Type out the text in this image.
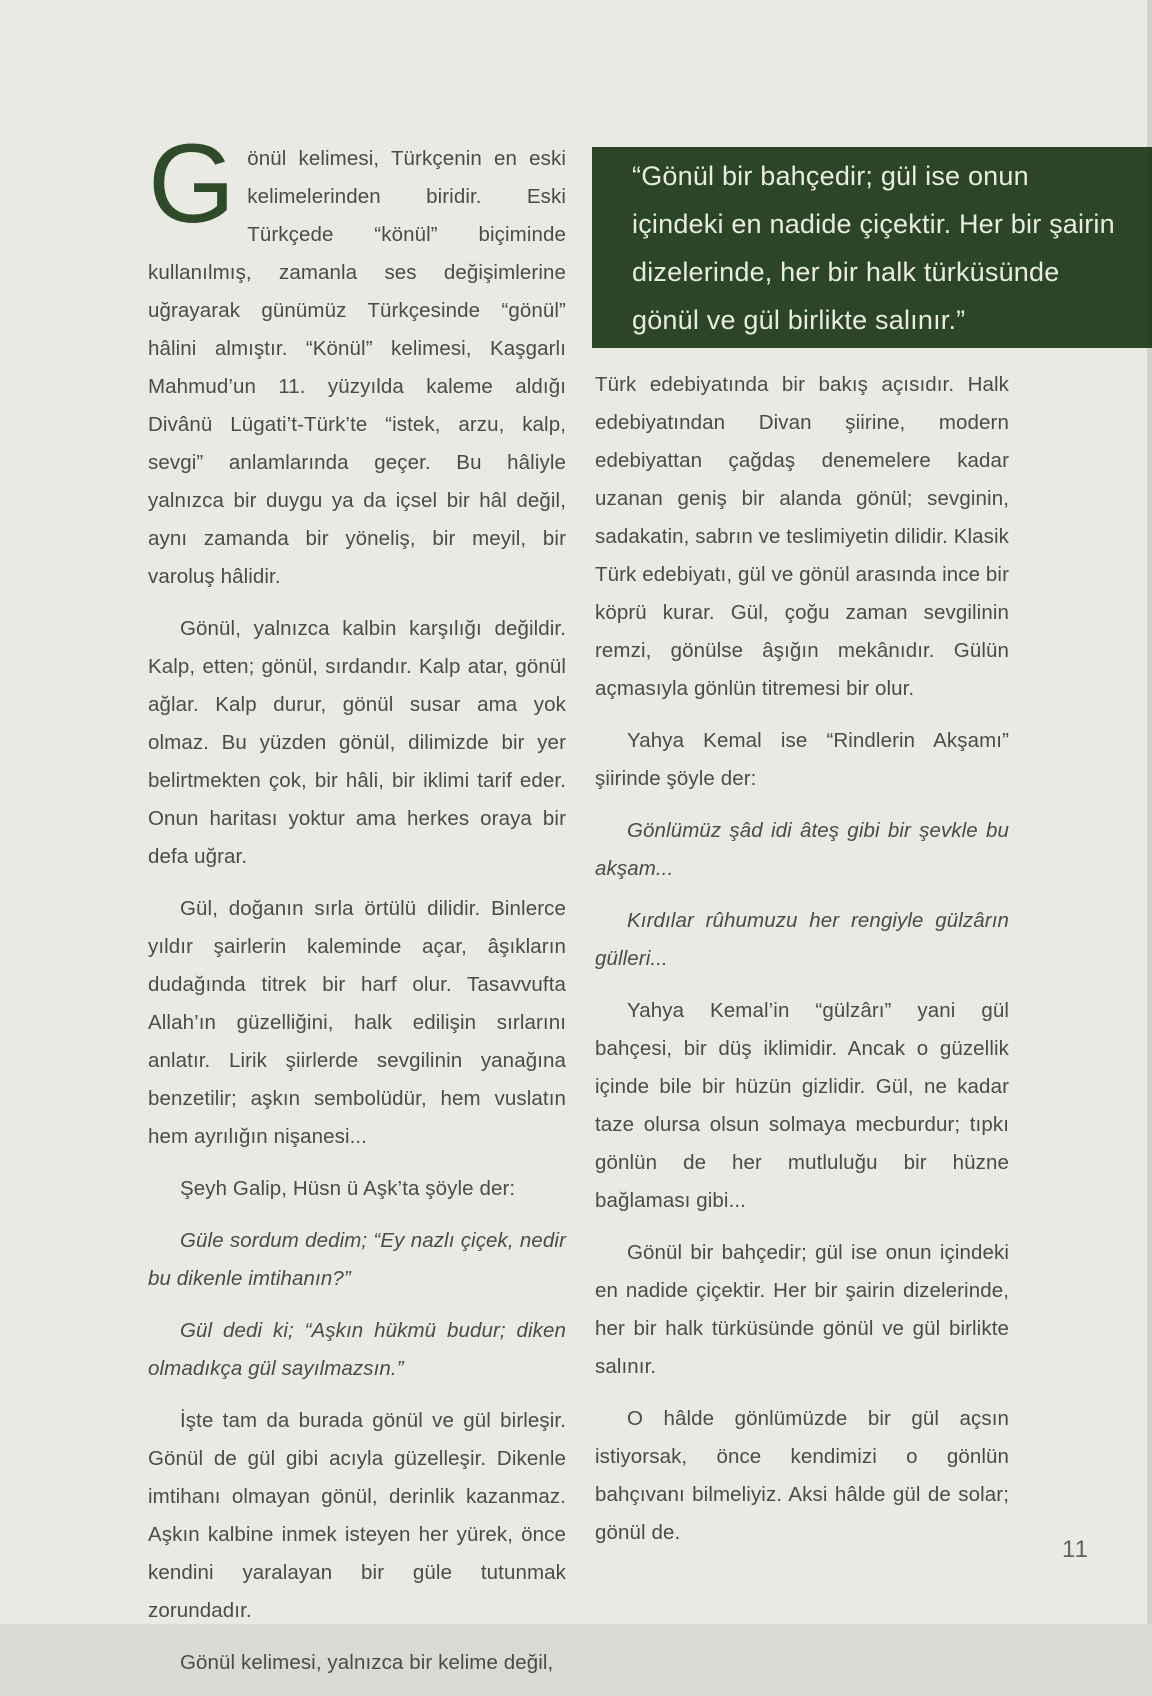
“Gönül bir bahçedir; gül ise onun içindeki en nadide çiçektir. Her bir şairin dizelerinde, her bir halk türküsünde gönül ve gül birlikte salınır.”

Gönül kelimesi, Türkçenin en eski kelimelerinden biridir. Eski Türkçede “könül” biçiminde kullanılmış, zamanla ses değişimlerine uğrayarak günümüz Türkçesinde “gönül” hâlini almıştır. “Könül” kelimesi, Kaşgarlı Mahmud’un 11. yüzyılda kaleme aldığı Divânü Lügati’t-Türk’te “istek, arzu, kalp, sevgi” anlamlarında geçer. Bu hâliyle yalnızca bir duygu ya da içsel bir hâl değil, aynı zamanda bir yöneliş, bir meyil, bir varoluş hâlidir.

Gönül, yalnızca kalbin karşılığı değildir. Kalp, etten; gönül, sırdandır. Kalp atar, gönül ağlar. Kalp durur, gönül susar ama yok olmaz. Bu yüzden gönül, dilimizde bir yer belirtmekten çok, bir hâli, bir iklimi tarif eder. Onun haritası yoktur ama herkes oraya bir defa uğrar.

Gül, doğanın sırla örtülü dilidir. Binlerce yıldır şairlerin kaleminde açar, âşıkların dudağında titrek bir harf olur. Tasavvufta Allah’ın güzelliğini, halk edilişin sırlarını anlatır. Lirik şiirlerde sevgilinin yanağına benzetilir; aşkın sembolüdür, hem vuslatın hem ayrılığın nişanesi...

Şeyh Galip, Hüsn ü Aşk’ta şöyle der:

Güle sordum dedim; “Ey nazlı çiçek, nedir bu dikenle imtihanın?”

Gül dedi ki; “Aşkın hükmü budur; diken olmadıkça gül sayılmazsın.”

İşte tam da burada gönül ve gül birleşir. Gönül de gül gibi acıyla güzelleşir. Dikenle imtihanı olmayan gönül, derinlik kazanmaz. Aşkın kalbine inmek isteyen her yürek, önce kendini yaralayan bir güle tutunmak zorundadır.

Gönül kelimesi, yalnızca bir kelime değil,

Türk edebiyatında bir bakış açısıdır. Halk edebiyatından Divan şiirine, modern edebiyattan çağdaş denemelere kadar uzanan geniş bir alanda gönül; sevginin, sadakatin, sabrın ve teslimiyetin dilidir. Klasik Türk edebiyatı, gül ve gönül arasında ince bir köprü kurar. Gül, çoğu zaman sevgilinin remzi, gönülse âşığın mekânıdır. Gülün açmasıyla gönlün titremesi bir olur.

Yahya Kemal ise “Rindlerin Akşamı” şiirinde şöyle der:

Gönlümüz şâd idi âteş gibi bir şevkle bu akşam...

Kırdılar rûhumuzu her rengiyle gülzârın gülleri...

Yahya Kemal’in “gülzârı” yani gül bahçesi, bir düş iklimidir. Ancak o güzellik içinde bile bir hüzün gizlidir. Gül, ne kadar taze olursa olsun solmaya mecburdur; tıpkı gönlün de her mutluluğu bir hüzne bağlaması gibi...

Gönül bir bahçedir; gül ise onun içindeki en nadide çiçektir. Her bir şairin dizelerinde, her bir halk türküsünde gönül ve gül birlikte salınır.

O hâlde gönlümüzde bir gül açsın istiyorsak, önce kendimizi o gönlün bahçıvanı bilmeliyiz. Aksi hâlde gül de solar; gönül de.

11
